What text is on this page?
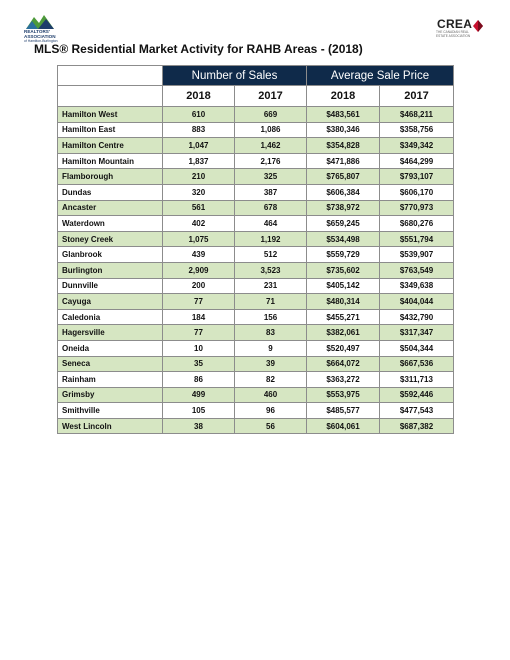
REALTORS'
ASSOCIATION
of Hamilton-Burlington
CREA
THE CANADIAN REAL ESTATE ASSOCIATION
MLS® Residential Market Activity for RAHB Areas - (2018)
	Number of Sales		Average Sale Price	
	2018	2017	2018	2017
Hamilton West	610	669	$483,561	$468,211
Hamilton East	883	1,086	$380,346	$358,756
Hamilton Centre	1,047	1,462	$354,828	$349,342
Hamilton Mountain	1,837	2,176	$471,886	$464,299
Flamborough	210	325	$765,807	$793,107
Dundas	320	387	$606,384	$606,170
Ancaster	561	678	$738,972	$770,973
Waterdown	402	464	$659,245	$680,276
Stoney Creek	1,075	1,192	$534,498	$551,794
Glanbrook	439	512	$559,729	$539,907
Burlington	2,909	3,523	$735,602	$763,549
Dunnville	200	231	$405,142	$349,638
Cayuga	77	71	$480,314	$404,044
Caledonia	184	156	$455,271	$432,790
Hagersville	77	83	$382,061	$317,347
Oneida	10	9	$520,497	$504,344
Seneca	35	39	$664,072	$667,536
Rainham	86	82	$363,272	$311,713
Grimsby	499	460	$553,975	$592,446
Smithville	105	96	$485,577	$477,543
West Lincoln	38	56	$604,061	$687,382
